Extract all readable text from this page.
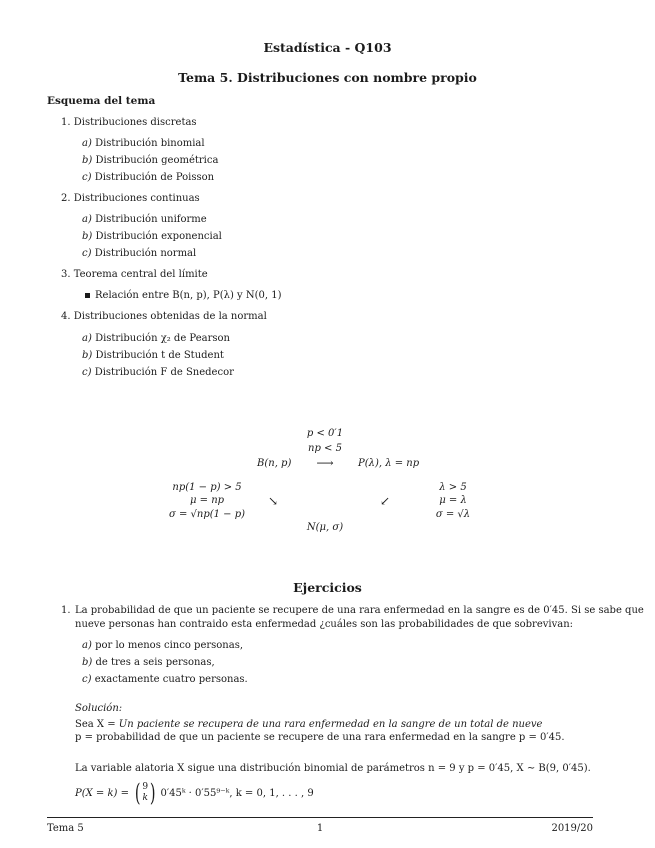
Estadística - Q103
Tema 5. Distribuciones con nombre propio
Esquema del tema
1. Distribuciones discretas
a) Distribución binomial
b) Distribución geométrica
c) Distribución de Poisson
2. Distribuciones continuas
a) Distribución uniforme
b) Distribución exponencial
c) Distribución normal
3. Teorema central del límite
Relación entre B(n, p), P(λ) y N(0, 1)
4. Distribuciones obtenidas de la normal
a) Distribución χ₂ de Pearson
b) Distribución t de Student
c) Distribución F de Snedecor
p < 0′1
np < 5
B(n, p)	⟶	P(λ), λ = np
np(1 − p) > 5
μ = np
σ = √np(1 − p)
↘	↙
λ > 5
μ = λ
σ = √λ
N(μ, σ)
Ejercicios
1. La probabilidad de que un paciente se recupere de una rara enfermedad en la sangre es de 0′45. Si se sabe que
nueve personas han contraido esta enfermedad ¿cuáles son las probabilidades de que sobrevivan:
a) por lo menos cinco personas,
b) de tres a seis personas,
c) exactamente cuatro personas.
Solución:
Sea X = Un paciente se recupera de una rara enfermedad en la sangre de un total de nueve
p = probabilidad de que un paciente se recupere de una rara enfermedad en la sangre p = 0′45.
La variable alatoria X sigue una distribución binomial de parámetros n = 9 y p = 0′45, X ∼ B(9, 0′45).
P(X = k) = ( 9
k ) 0′45ᵏ · 0′55⁹⁻ᵏ, k = 0, 1, . . . , 9
Tema 5	1	2019/20
